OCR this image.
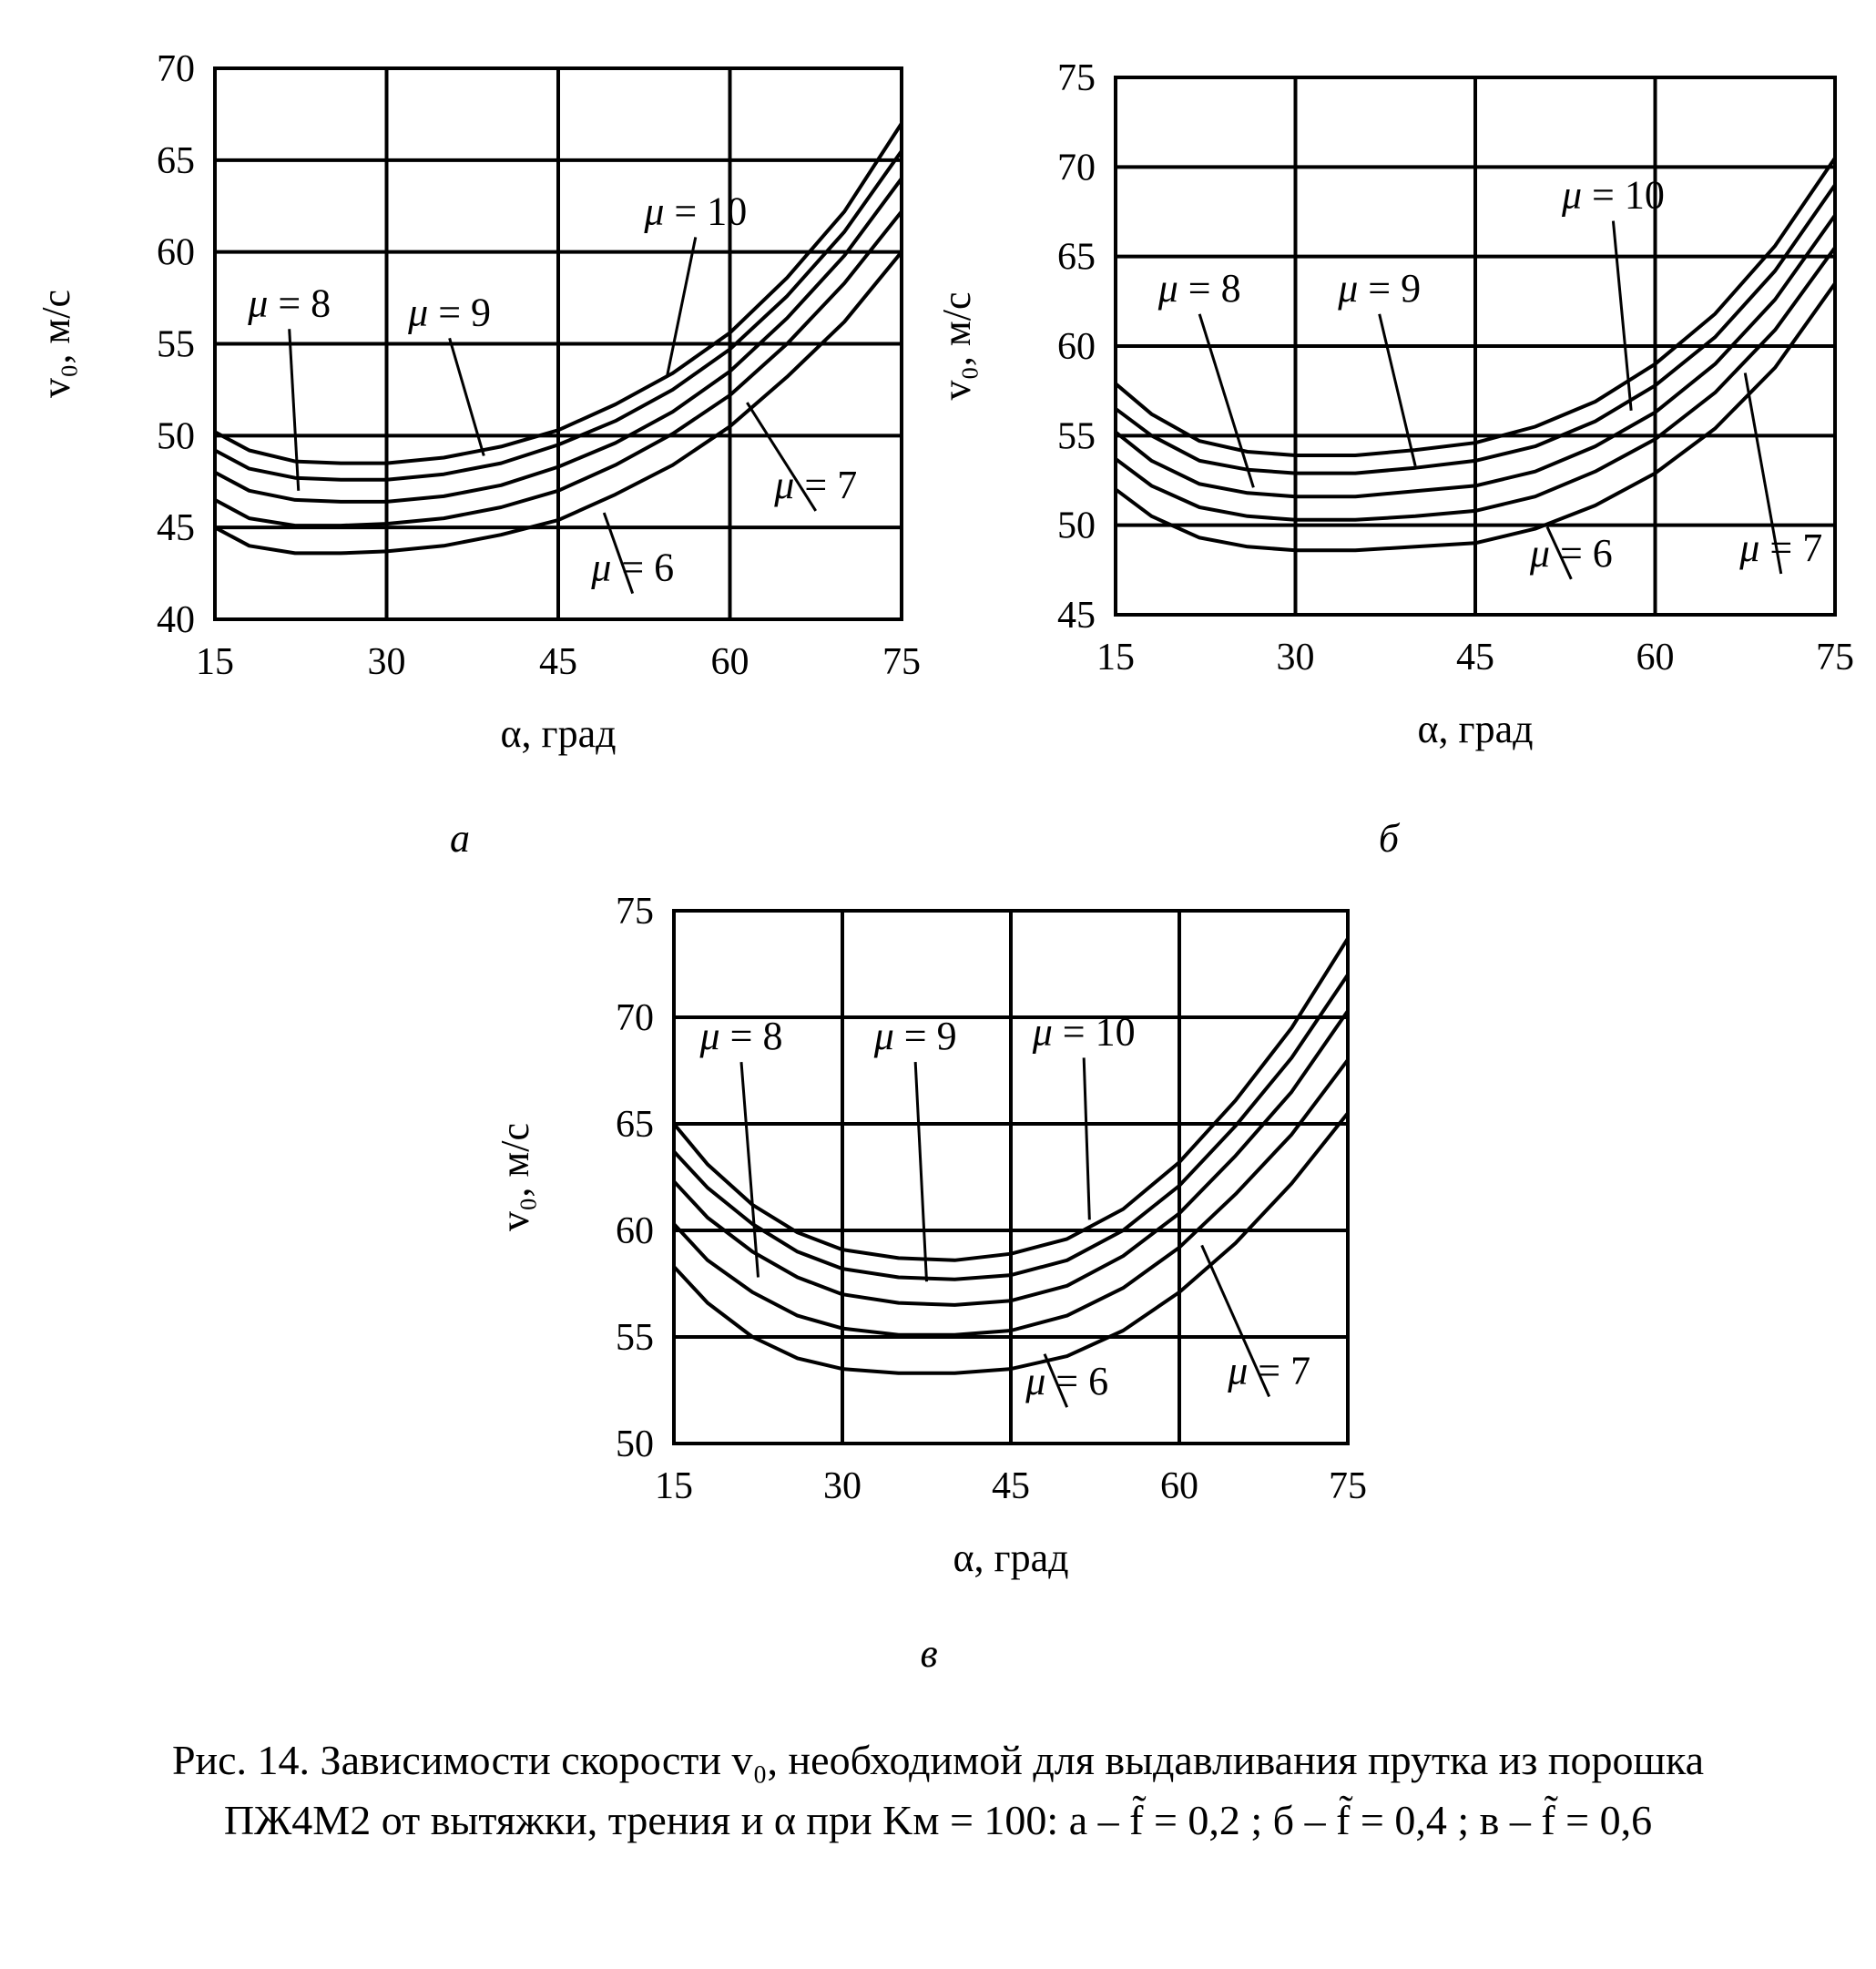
40
45
50
55
60
65
70
15	30	45	60	75
α, град
v₀, м/с
μ = 10
μ = 8 μ = 9
μ = 7
μ = 6
а
45
50
55
60
65
70
75
15	30	45	60	75
α, град
v₀, м/с
μ = 10
μ = 8 μ = 9
μ = 7
μ = 6
б
50
55
60
65
70
75
15	30	45	60	75
α, град
v₀, м/с
μ = 10
μ = 8 μ = 9
μ = 7
μ = 6
в
Рис. 14. Зависимости скорости v₀, необходимой для выдавливания прутка из порошка
ПЖ4М2 от вытяжки, трения и α при Kм = 100: а – f̃ = 0,2 ; б – f̃ = 0,4 ; в – f̃ = 0,6
